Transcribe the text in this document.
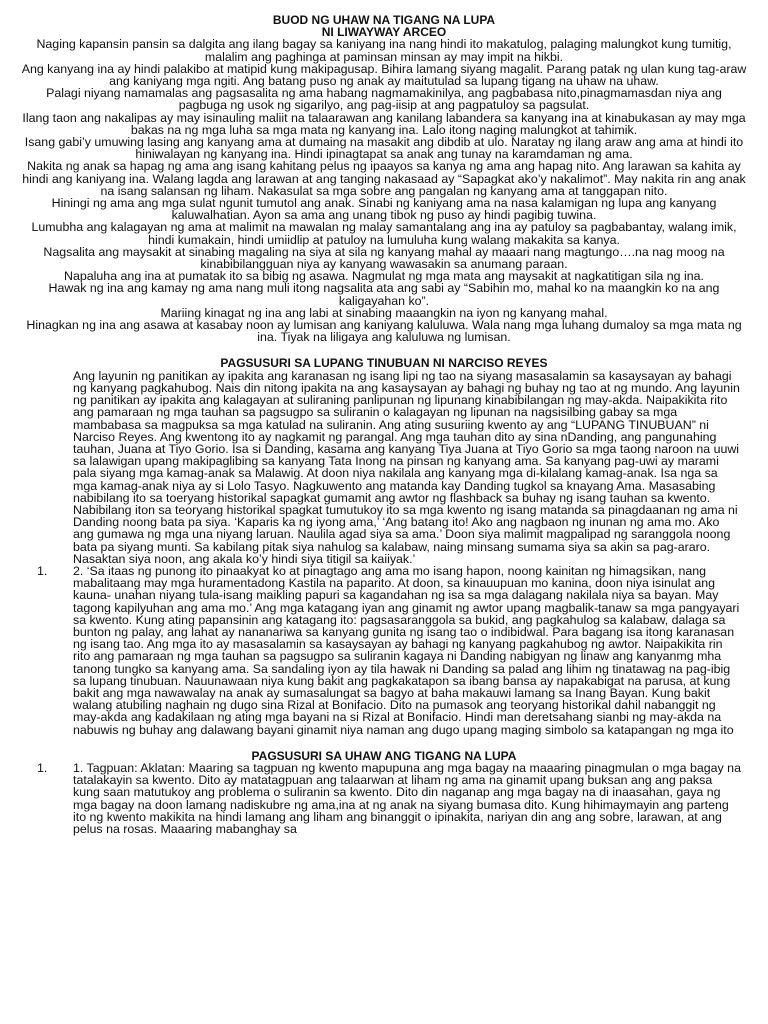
BUOD NG UHAW NA TIGANG NA LUPA
NI LIWAYWAY ARCEO

Naging kapansin pansin sa dalgita ang ilang bagay sa kaniyang ina nang hindi ito makatulog, palaging malungkot kung tumitig, malalim ang paghinga at paminsan minsan ay may impit na hikbi.

Ang kanyang ina ay hindi palakibo at matipid kung makipagusap. Bihira lamang siyang magalit. Parang patak ng ulan kung tag-araw ang kaniyang mga ngiti. Ang batang puso ng anak ay maitutulad sa lupang tigang na uhaw na uhaw.

Palagi niyang namamalas ang pagsasalita ng ama habang nagmamakinilya, ang pagbabasa nito,pinagmamasdan niya ang pagbuga ng usok ng sigarilyo, ang pag-iisip at ang pagpatuloy sa pagsulat.

Ilang taon ang nakalipas ay may isinauling maliit na talaarawan ang kanilang labandera sa kanyang ina at kinabukasan ay may mga bakas na ng mga luha sa mga mata ng kanyang ina. Lalo itong naging malungkot at tahimik.

Isang gabi’y umuwing lasing ang kanyang ama at dumaing na masakit ang dibdib at ulo. Naratay ng ilang araw ang ama at hindi ito hiniwalayan ng kanyang ina. Hindi ipinagtapat sa anak ang tunay na karamdaman ng ama.

Nakita ng anak sa hapag ng ama ang isang kahitang pelus ng ipaayos sa kanya ng ama ang hapag nito. Ang larawan sa kahita ay hindi ang kaniyang ina. Walang lagda ang larawan at ang tanging nakasaad ay “Sapagkat ako’y nakalimot”. May nakita rin ang anak na isang salansan ng liham. Nakasulat sa mga sobre ang pangalan ng kanyang ama at tanggapan nito.

Hiningi ng ama ang mga sulat ngunit tumutol ang anak. Sinabi ng kaniyang ama na nasa kalamigan ng lupa ang kanyang kaluwalhatian. Ayon sa ama ang unang tibok ng puso ay hindi pagibig tuwina.

Lumubha ang kalagayan ng ama at malimit na mawalan ng malay samantalang ang ina ay patuloy sa pagbabantay, walang imik, hindi kumakain, hindi umiidlip at patuloy na lumuluha kung walang makakita sa kanya.

Nagsalita ang maysakit at sinabing magaling na siya at sila ng kanyang mahal ay maaari nang magtungo….na nag moog na kinabibilangguan niya ay kanyang wawasakin sa anumang paraan.

Napaluha ang ina at pumatak ito sa bibig ng asawa. Nagmulat ng mga mata ang maysakit at nagkatitigan sila ng ina.

Hawak ng ina ang kamay ng ama nang muli itong nagsalita ata ang sabi ay “Sabihin mo, mahal ko na maangkin ko na ang kaligayahan ko”.

Mariing kinagat ng ina ang labi at sinabing maaangkin na iyon ng kanyang mahal.

Hinagkan ng ina ang asawa at kasabay noon ay lumisan ang kaniyang kaluluwa. Wala nang mga luhang dumaloy sa mga mata ng ina. Tiyak na liligaya ang kaluluwa ng lumisan.

PAGSUSURI SA LUPANG TINUBUAN NI NARCISO REYES

Ang layunin ng panitikan ay ipakita ang karanasan ng isang lipi ng tao na siyang masasalamin sa kasaysayan ay bahagi ng kanyang pagkahubog. Nais din nitong ipakita na ang kasaysayan ay bahagi ng buhay ng tao at ng mundo. Ang layunin ng panitikan ay ipakita ang kalagayan at suliraning panlipunan ng lipunang kinabibilangan ng may-akda. Naipakikita rito ang pamaraan ng mga tauhan sa pagsugpo sa suliranin o kalagayan ng lipunan na nagsisilbing gabay sa mga mambabasa sa magpuksa sa mga katulad na suliranin. Ang ating susuriing kwento ay ang “LUPANG TINUBUAN” ni Narciso Reyes. Ang kwentong ito ay nagkamit ng parangal. Ang mga tauhan dito ay sina nDanding, ang pangunahing tauhan, Juana at Tiyo Gorio. Isa si Danding, kasama ang kanyang Tiya Juana at Tiyo Gorio sa mga taong naroon na uuwi sa lalawigan upang makipaglibing sa kanyang Tata Inong na pinsan ng kanyang ama. Sa kanyang pag-uwi ay marami pala siyang mga kamag-anak sa Malawig. At doon niya nakilala ang kanyang mga di-kilalang kamag-anak. Isa nga sa mga kamag-anak niya ay si Lolo Tasyo. Nagkuwento ang matanda kay Danding tugkol sa knayang Ama. Masasabing nabibilang ito sa toeryang historikal sapagkat gumamit ang awtor ng flashback sa buhay ng isang tauhan sa kwento. Nabibilang iton sa teoryang historikal spagkat tumutukoy ito sa mga kwento ng isang matanda sa pinagdaanan ng ama ni Danding noong bata pa siya. ‘Kaparis ka ng iyong ama,’ ‘Ang batang ito! Ako ang nagbaon ng inunan ng ama mo. Ako ang gumawa ng mga una niyang laruan. Naulila agad siya sa ama.’ Doon siya malimit magpalipad ng saranggola noong bata pa siyang munti. Sa kabilang pitak siya nahulog sa kalabaw, naing minsang sumama siya sa akin sa pag-araro. Nasaktan siya noon, ang akala ko’y hindi siya titigil sa kaiiyak.’

1. 2. ‘Sa itaas ng punong ito pinaakyat ko at pinagtago ang ama mo isang hapon, noong kainitan ng himagsikan, nang mabalitaang may mga huramentadong Kastila na paparito. At doon, sa kinauupuan mo kanina, doon niya isinulat ang kauna- unahan niyang tula-isang maikling papuri sa kagandahan ng isa sa mga dalagang nakilala niya sa bayan. May tagong kapilyuhan ang ama mo.’ Ang mga katagang iyan ang ginamit ng awtor upang magbalik-tanaw sa mga pangyayari sa kwento. Kung ating papansinin ang katagang ito: pagsasaranggola sa bukid, ang pagkahulog sa kalabaw, dalaga sa bunton ng palay, ang lahat ay nananariwa sa kanyang gunita ng isang tao o indibidwal. Para bagang isa itong karanasan ng isang tao. Ang mga ito ay masasalamin sa kasaysayan ay bahagi ng kanyang pagkahubog ng awtor. Naipakikita rin rito ang pamaraan ng mga tauhan sa pagsugpo sa suliranin kagaya ni Danding nabigyan ng linaw ang kanyanmg mha tanong tungko sa kanyang ama. Sa sandaling iyon ay tila hawak ni Danding sa palad ang lihim ng tinatawag na pag-ibig sa lupang tinubuan. Nauunawaan niya kung bakit ang pagkakatapon sa ibang bansa ay napakabigat na parusa, at kung bakit ang mga nawawalay na anak ay sumasalungat sa bagyo at baha makauwi lamang sa Inang Bayan. Kung bakit walang atubiling naghain ng dugo sina Rizal at Bonifacio. Dito na pumasok ang teoryang historikal dahil nabanggit ng may-akda ang kadakilaan ng ating mga bayani na si Rizal at Bonifacio. Hindi man deretsahang sianbi ng may-akda na nabuwis ng buhay ang dalawang bayani ginamit niya naman ang dugo upang maging simbolo sa katapangan ng mga ito
PAGSUSURI SA UHAW ANG TIGANG NA LUPA
1. 1. Tagpuan: Aklatan: Maaring sa tagpuan ng kwento mapupuna ang mga bagay na maaaring pinagmulan o mga bagay na tatalakayin sa kwento. Dito ay matatagpuan ang talaarwan at liham ng ama na ginamit upang buksan ang ang paksa kung saan matutukoy ang problema o suliranin sa kwento. Dito din naganap ang mga bagay na di inaasahan, gaya ng mga bagay na doon lamang nadiskubre ng ama,ina at ng anak na siyang bumasa dito. Kung hihimaymayin ang parteng ito ng kwento makikita na hindi lamang ang liham ang binanggit o ipinakita, nariyan din ang ang sobre, larawan, at ang pelus na rosas. Maaaring mabanghay sa
